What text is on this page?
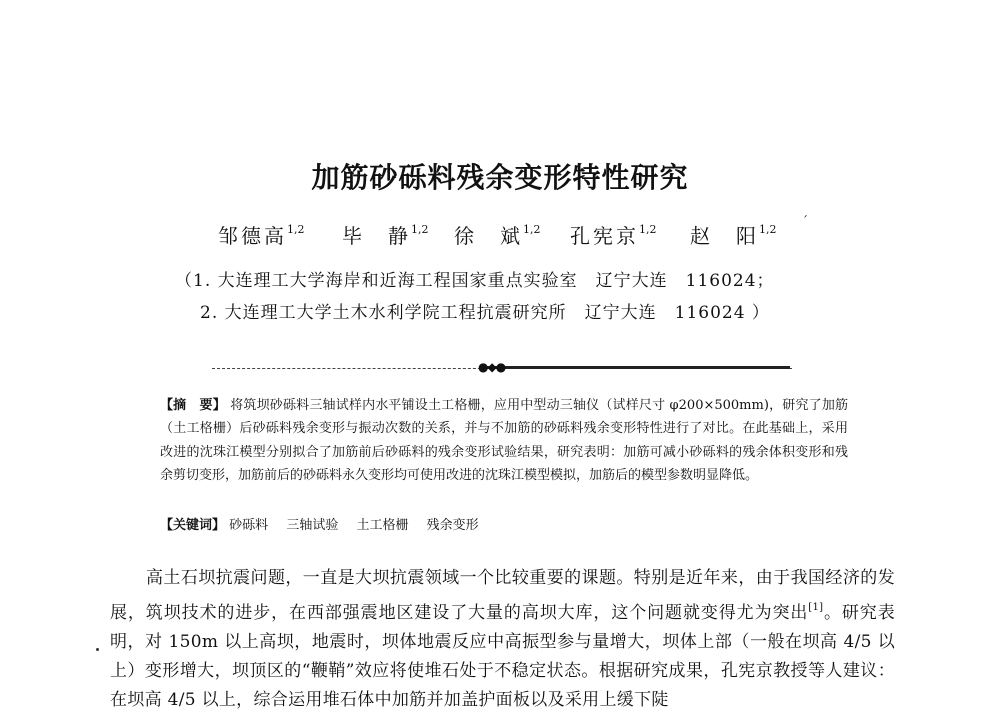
加筋砂砾料残余变形特性研究
邹德高$^{1,2}$ 毕　静$^{1,2}$ 徐　斌$^{1,2}$ 孔宪京$^{1,2}$ 赵　阳$^{1,2}$
ˊ
（1. 大连理工大学海岸和近海工程国家重点实验室　辽宁大连　116024；
2. 大连理工大学土木水利学院工程抗震研究所　辽宁大连　116024 ）
●◆●
【摘　要】 将筑坝砂砾料三轴试样内水平铺设土工格栅，应用中型动三轴仪（试样尺寸 φ200×500mm)，研究了加筋（土工格栅）后砂砾料残余变形与振动次数的关系，并与不加筋的砂砾料残余变形特性进行了对比。在此基础上，采用改进的沈珠江模型分别拟合了加筋前后砂砾料的残余变形试验结果，研究表明：加筋可减小砂砾料的残余体积变形和残余剪切变形，加筋前后的砂砾料永久变形均可使用改进的沈珠江模型模拟，加筋后的模型参数明显降低。
【关键词】 砂砾料 三轴试验 土工格栅 残余变形
高土石坝抗震问题，一直是大坝抗震领域一个比较重要的课题。特别是近年来，由于我国经济的发展，筑坝技术的进步，在西部强震地区建设了大量的高坝大库，这个问题就变得尤为突出[1]。研究表明，对 150m 以上高坝，地震时，坝体地震反应中高振型参与量增大，坝体上部（一般在坝高 4/5 以上）变形增大，坝顶区的“鞭鞘”效应将使堆石处于不稳定状态。根据研究成果，孔宪京教授等人建议：在坝高 4/5 以上，综合运用堆石体中加筋并加盖护面板以及采用上缓下陡
